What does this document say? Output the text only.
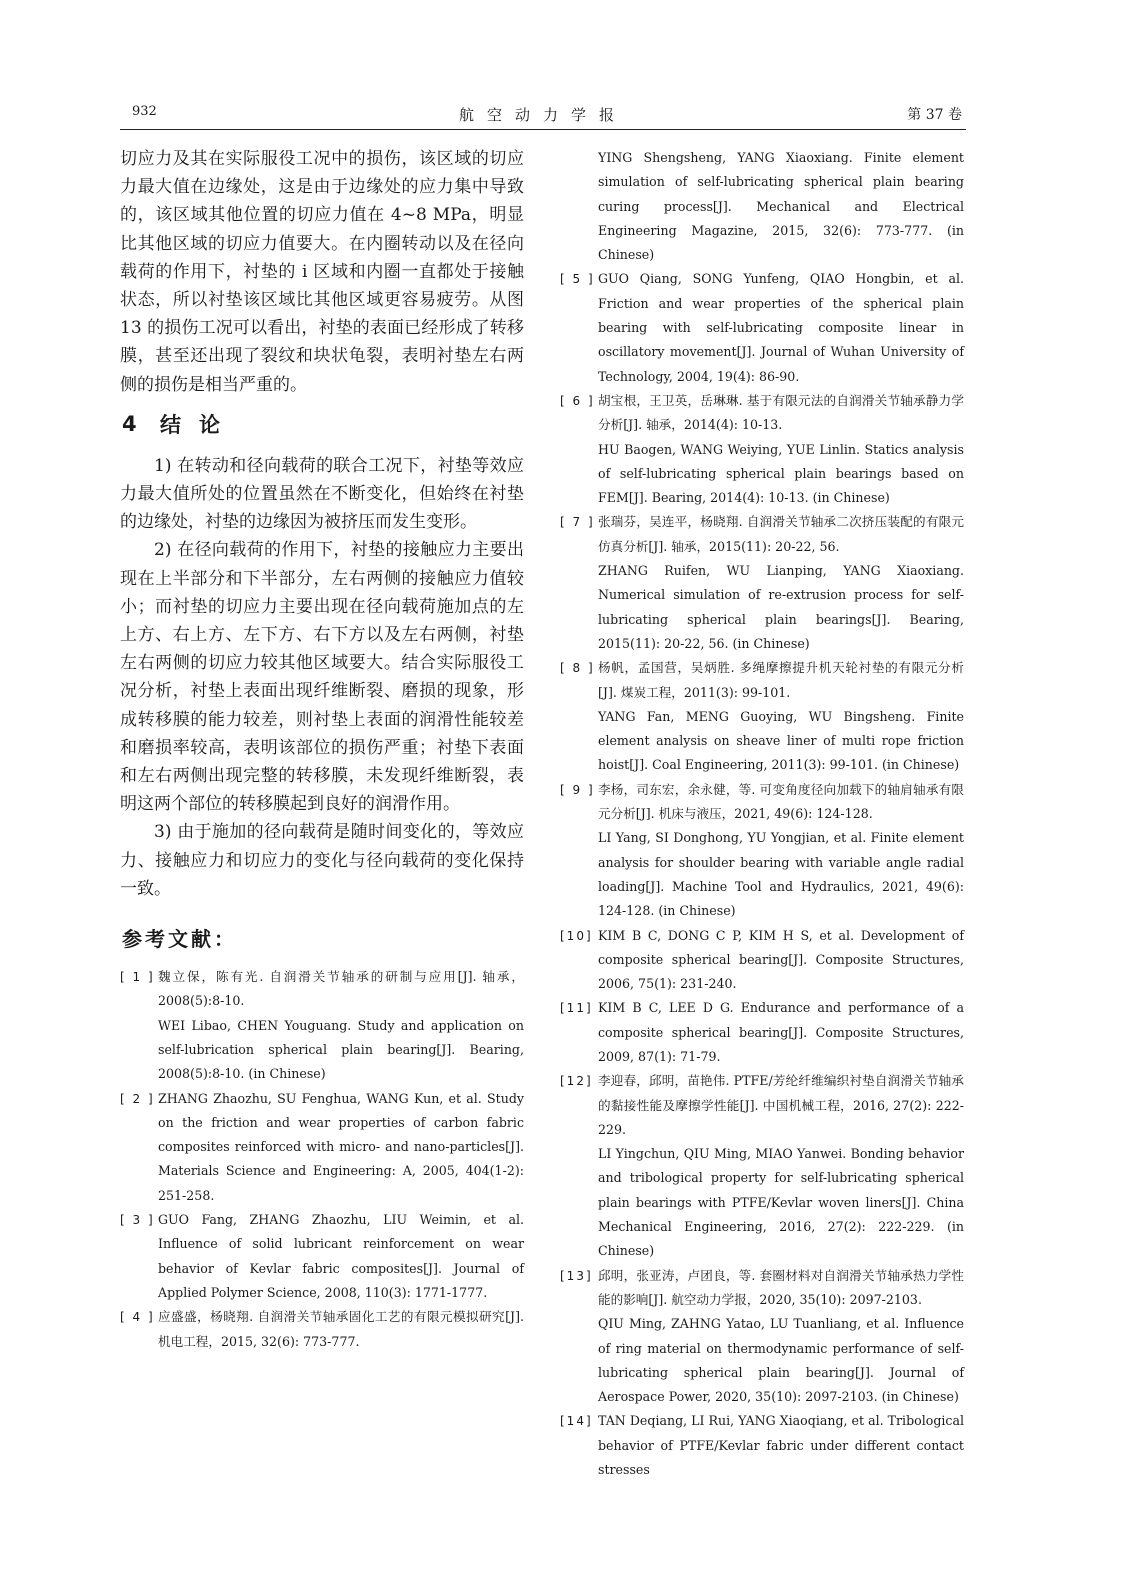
932	航空动力学报	第 37 卷

切应力及其在实际服役工况中的损伤，该区域的切应力最大值在边缘处，这是由于边缘处的应力集中导致的，该区域其他位置的切应力值在 4~8 MPa，明显比其他区域的切应力值要大。在内圈转动以及在径向载荷的作用下，衬垫的 i 区域和内圈一直都处于接触状态，所以衬垫该区域比其他区域更容易疲劳。从图 13 的损伤工况可以看出，衬垫的表面已经形成了转移膜，甚至还出现了裂纹和块状龟裂，表明衬垫左右两侧的损伤是相当严重的。

4	结论

1) 在转动和径向载荷的联合工况下，衬垫等效应力最大值所处的位置虽然在不断变化，但始终在衬垫的边缘处，衬垫的边缘因为被挤压而发生变形。

2) 在径向载荷的作用下，衬垫的接触应力主要出现在上半部分和下半部分，左右两侧的接触应力值较小；而衬垫的切应力主要出现在径向载荷施加点的左上方、右上方、左下方、右下方以及左右两侧，衬垫左右两侧的切应力较其他区域要大。结合实际服役工况分析，衬垫上表面出现纤维断裂、磨损的现象，形成转移膜的能力较差，则衬垫上表面的润滑性能较差和磨损率较高，表明该部位的损伤严重；衬垫下表面和左右两侧出现完整的转移膜，未发现纤维断裂，表明这两个部位的转移膜起到良好的润滑作用。

3) 由于施加的径向载荷是随时间变化的，等效应力、接触应力和切应力的变化与径向载荷的变化保持一致。

参考文献：
[ 1 ] 魏立保，陈有光. 自润滑关节轴承的研制与应用[J]. 轴承，2008(5):8-10.
WEI Libao, CHEN Youguang. Study and application on self-lubrication spherical plain bearing[J]. Bearing, 2008(5):8-10. (in Chinese)
[ 2 ] ZHANG Zhaozhu, SU Fenghua, WANG Kun, et al. Study on the friction and wear properties of carbon fabric composites reinforced with micro- and nano-particles[J]. Materials Science and Engineering: A, 2005, 404(1-2): 251-258.
[ 3 ] GUO Fang, ZHANG Zhaozhu, LIU Weimin, et al. Influence of solid lubricant reinforcement on wear behavior of Kevlar fabric composites[J]. Journal of Applied Polymer Science, 2008, 110(3): 1771-1777.
[ 4 ] 应盛盛，杨晓翔. 自润滑关节轴承固化工艺的有限元模拟研究[J]. 机电工程，2015, 32(6): 773-777.
YING Shengsheng, YANG Xiaoxiang. Finite element simulation of self-lubricating spherical plain bearing curing process[J]. Mechanical and Electrical Engineering Magazine, 2015, 32(6): 773-777. (in Chinese)
[ 5 ] GUO Qiang, SONG Yunfeng, QIAO Hongbin, et al. Friction and wear properties of the spherical plain bearing with self-lubricating composite linear in oscillatory movement[J]. Journal of Wuhan University of Technology, 2004, 19(4): 86-90.
[ 6 ] 胡宝根，王卫英，岳琳琳. 基于有限元法的自润滑关节轴承静力学分析[J]. 轴承，2014(4): 10-13.
HU Baogen, WANG Weiying, YUE Linlin. Statics analysis of self-lubricating spherical plain bearings based on FEM[J]. Bearing, 2014(4): 10-13. (in Chinese)
[ 7 ] 张瑞芬，吴连平，杨晓翔. 自润滑关节轴承二次挤压装配的有限元仿真分析[J]. 轴承，2015(11): 20-22, 56.
ZHANG Ruifen, WU Lianping, YANG Xiaoxiang. Numerical simulation of re-extrusion process for self-lubricating spherical plain bearings[J]. Bearing, 2015(11): 20-22, 56. (in Chinese)
[ 8 ] 杨帆，孟国营，吴炳胜. 多绳摩擦提升机天轮衬垫的有限元分析[J]. 煤炭工程，2011(3): 99-101.
YANG Fan, MENG Guoying, WU Bingsheng. Finite element analysis on sheave liner of multi rope friction hoist[J]. Coal Engineering, 2011(3): 99-101. (in Chinese)
[ 9 ] 李杨，司东宏，余永健，等. 可变角度径向加载下的轴肩轴承有限元分析[J]. 机床与液压，2021, 49(6): 124-128.
LI Yang, SI Donghong, YU Yongjian, et al. Finite element analysis for shoulder bearing with variable angle radial loading[J]. Machine Tool and Hydraulics, 2021, 49(6): 124-128. (in Chinese)
[10] KIM B C, DONG C P, KIM H S, et al. Development of composite spherical bearing[J]. Composite Structures, 2006, 75(1): 231-240.
[11] KIM B C, LEE D G. Endurance and performance of a composite spherical bearing[J]. Composite Structures, 2009, 87(1): 71-79.
[12] 李迎春，邱明，苗艳伟. PTFE/芳纶纤维编织衬垫自润滑关节轴承的黏接性能及摩擦学性能[J]. 中国机械工程，2016, 27(2): 222-229.
LI Yingchun, QIU Ming, MIAO Yanwei. Bonding behavior and tribological property for self-lubricating spherical plain bearings with PTFE/Kevlar woven liners[J]. China Mechanical Engineering, 2016, 27(2): 222-229. (in Chinese)
[13] 邱明，张亚涛，卢团良，等. 套圈材料对自润滑关节轴承热力学性能的影响[J]. 航空动力学报，2020, 35(10): 2097-2103.
QIU Ming, ZAHNG Yatao, LU Tuanliang, et al. Influence of ring material on thermodynamic performance of self-lubricating spherical plain bearing[J]. Journal of Aerospace Power, 2020, 35(10): 2097-2103. (in Chinese)
[14] TAN Deqiang, LI Rui, YANG Xiaoqiang, et al. Tribological behavior of PTFE/Kevlar fabric under different contact stresses
